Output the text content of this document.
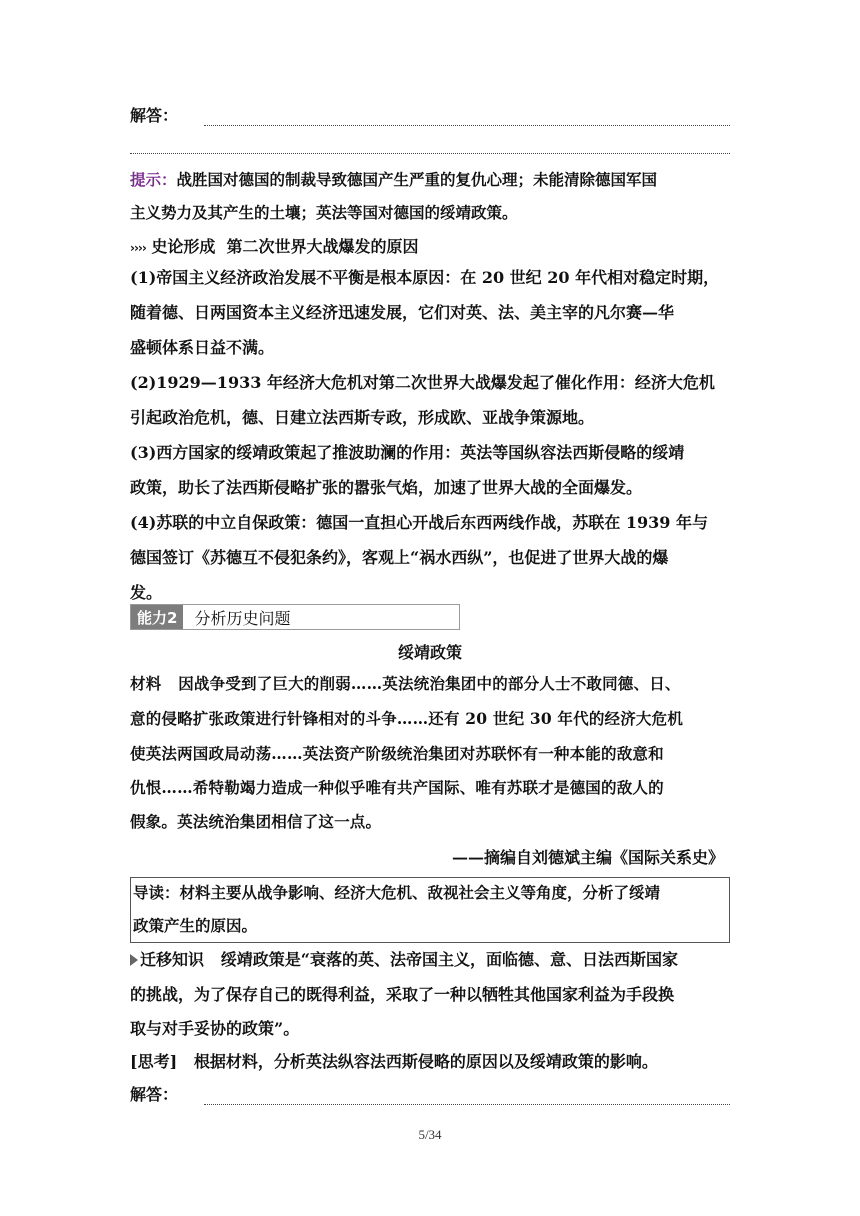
解答：
提示：战胜国对德国的制裁导致德国产生严重的复仇心理；未能清除德国军国
主义势力及其产生的土壤；英法等国对德国的绥靖政策。
›››› 史论形成 第二次世界大战爆发的原因
(1)帝国主义经济政治发展不平衡是根本原因：在 20 世纪 20 年代相对稳定时期，
随着德、日两国资本主义经济迅速发展，它们对英、法、美主宰的凡尔赛—华
盛顿体系日益不满。
(2)1929—1933 年经济大危机对第二次世界大战爆发起了催化作用：经济大危机
引起政治危机，德、日建立法西斯专政，形成欧、亚战争策源地。
(3)西方国家的绥靖政策起了推波助澜的作用：英法等国纵容法西斯侵略的绥靖
政策，助长了法西斯侵略扩张的嚣张气焰，加速了世界大战的全面爆发。
(4)苏联的中立自保政策：德国一直担心开战后东西两线作战，苏联在 1939 年与
德国签订《苏德互不侵犯条约》，客观上“祸水西纵”，也促进了世界大战的爆
发。
能力2	分析历史问题
绥靖政策
材料 因战争受到了巨大的削弱……英法统治集团中的部分人士不敢同德、日、
意的侵略扩张政策进行针锋相对的斗争……还有 20 世纪 30 年代的经济大危机
使英法两国政局动荡……英法资产阶级统治集团对苏联怀有一种本能的敌意和
仇恨……希特勒竭力造成一种似乎唯有共产国际、唯有苏联才是德国的敌人的
假象。英法统治集团相信了这一点。
——摘编自刘德斌主编《国际关系史》
导读：材料主要从战争影响、经济大危机、敌视社会主义等角度，分析了绥靖
政策产生的原因。
迁移知识 绥靖政策是“衰落的英、法帝国主义，面临德、意、日法西斯国家
的挑战，为了保存自己的既得利益，采取了一种以牺牲其他国家利益为手段换
取与对手妥协的政策”。
[思考] 根据材料，分析英法纵容法西斯侵略的原因以及绥靖政策的影响。
解答：
5/34
